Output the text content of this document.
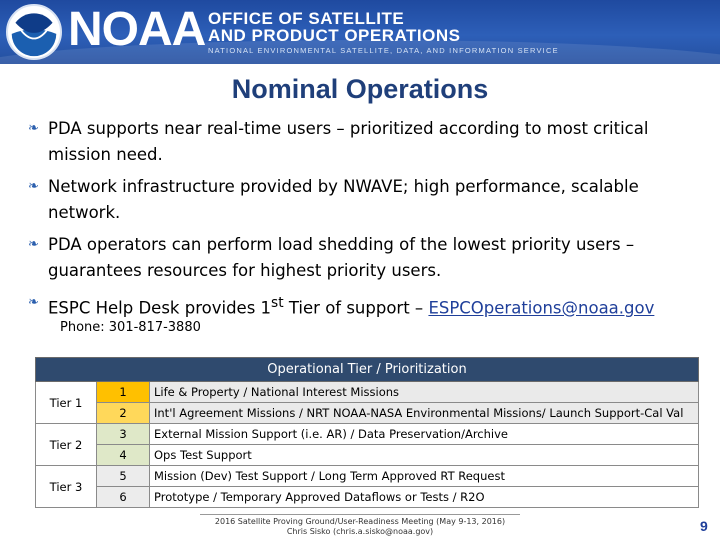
NOAA OFFICE OF SATELLITE
AND PRODUCT OPERATIONS
NATIONAL ENVIRONMENTAL SATELLITE, DATA, AND INFORMATION SERVICE
Nominal Operations
❧ PDA supports near real-time users – prioritized according to most critical mission need.
❧ Network infrastructure provided by NWAVE; high performance, scalable network.
❧ PDA operators can perform load shedding of the lowest priority users – guarantees resources for highest priority users.
❧ ESPC Help Desk provides 1st Tier of support – ESPCOperations@noaa.gov
Phone: 301-817-3880
Operational Tier / Prioritization		
Tier 1	1	Life & Property / National Interest Missions
	2	Int'l Agreement Missions / NRT NOAA-NASA Environmental Missions/ Launch Support-Cal Val
Tier 2	3	External Mission Support (i.e. AR) / Data Preservation/Archive
	4	Ops Test Support
Tier 3	5	Mission (Dev) Test Support / Long Term Approved RT Request
	6	Prototype / Temporary Approved Dataflows or Tests / R2O
2016 Satellite Proving Ground/User-Readiness Meeting (May 9-13, 2016)
Chris Sisko (chris.a.sisko@noaa.gov)	9
